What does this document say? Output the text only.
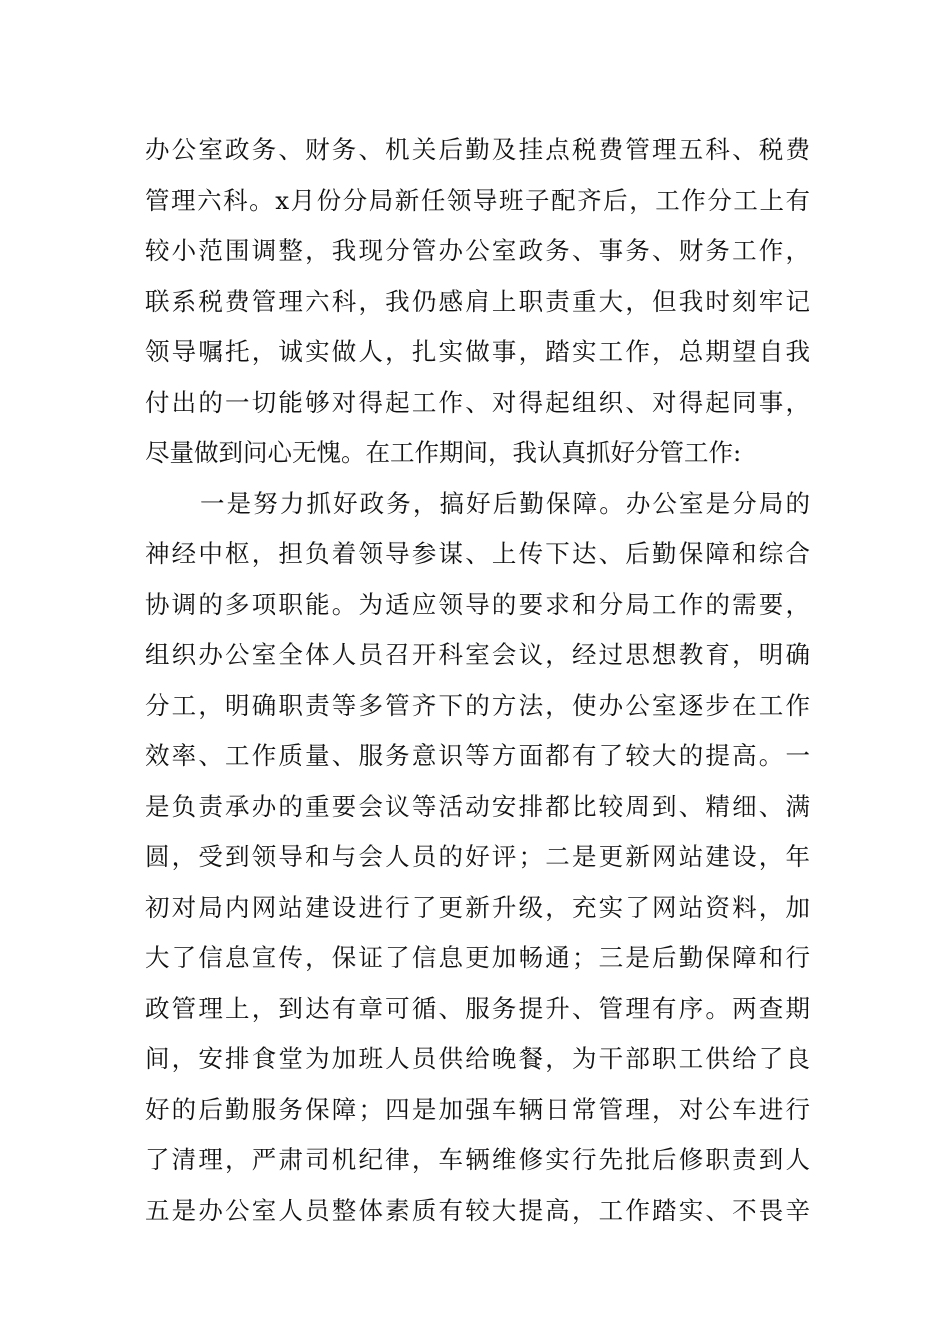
办公室政务、财务、机关后勤及挂点税费管理五科、税费
管理六科。x月份分局新任领导班子配齐后，工作分工上有
较小范围调整，我现分管办公室政务、事务、财务工作，
联系税费管理六科，我仍感肩上职责重大，但我时刻牢记
领导嘱托，诚实做人，扎实做事，踏实工作，总期望自我
付出的一切能够对得起工作、对得起组织、对得起同事，
尽量做到问心无愧。在工作期间，我认真抓好分管工作:
一是努力抓好政务，搞好后勤保障。办公室是分局的
神经中枢，担负着领导参谋、上传下达、后勤保障和综合
协调的多项职能。为适应领导的要求和分局工作的需要，
组织办公室全体人员召开科室会议，经过思想教育，明确
分工，明确职责等多管齐下的方法，使办公室逐步在工作
效率、工作质量、服务意识等方面都有了较大的提高。一
是负责承办的重要会议等活动安排都比较周到、精细、满
圆，受到领导和与会人员的好评；二是更新网站建设，年
初对局内网站建设进行了更新升级，充实了网站资料，加
大了信息宣传，保证了信息更加畅通；三是后勤保障和行
政管理上，到达有章可循、服务提升、管理有序。两查期
间，安排食堂为加班人员供给晚餐，为干部职工供给了良
好的后勤服务保障；四是加强车辆日常管理，对公车进行
了清理，严肃司机纪律，车辆维修实行先批后修职责到人
五是办公室人员整体素质有较大提高，工作踏实、不畏辛
